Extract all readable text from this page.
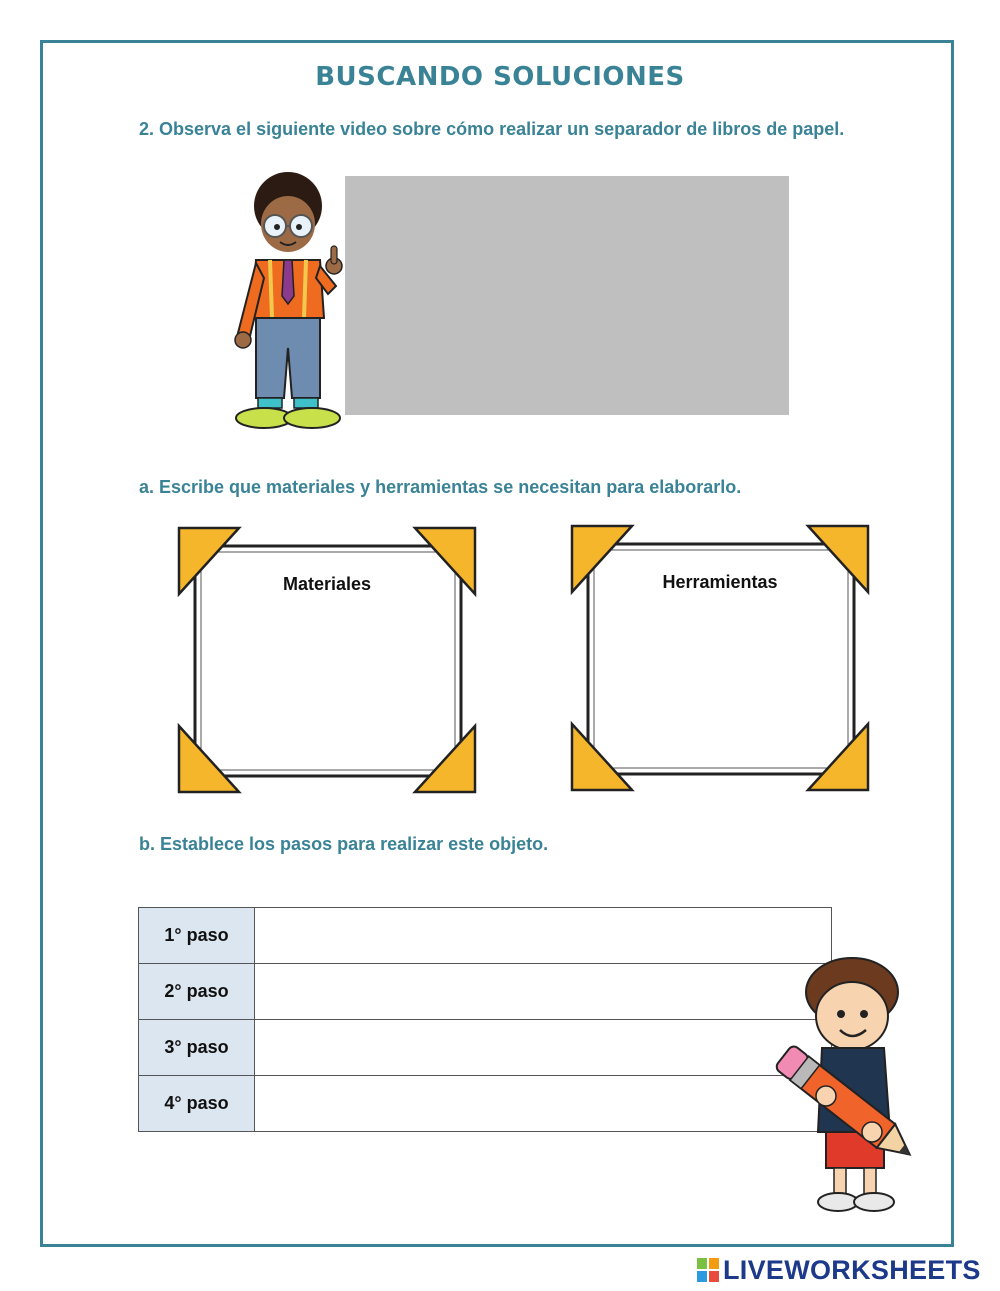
BUSCANDO SOLUCIONES

2. Observa el siguiente video sobre cómo realizar un separador de libros de papel.

a. Escribe que materiales y herramientas se necesitan para elaborarlo.

Materiales	Herramientas

b. Establece los pasos para realizar este objeto.

1° paso	
2° paso	
3° paso	
4° paso	
LIVEWORKSHEETS
